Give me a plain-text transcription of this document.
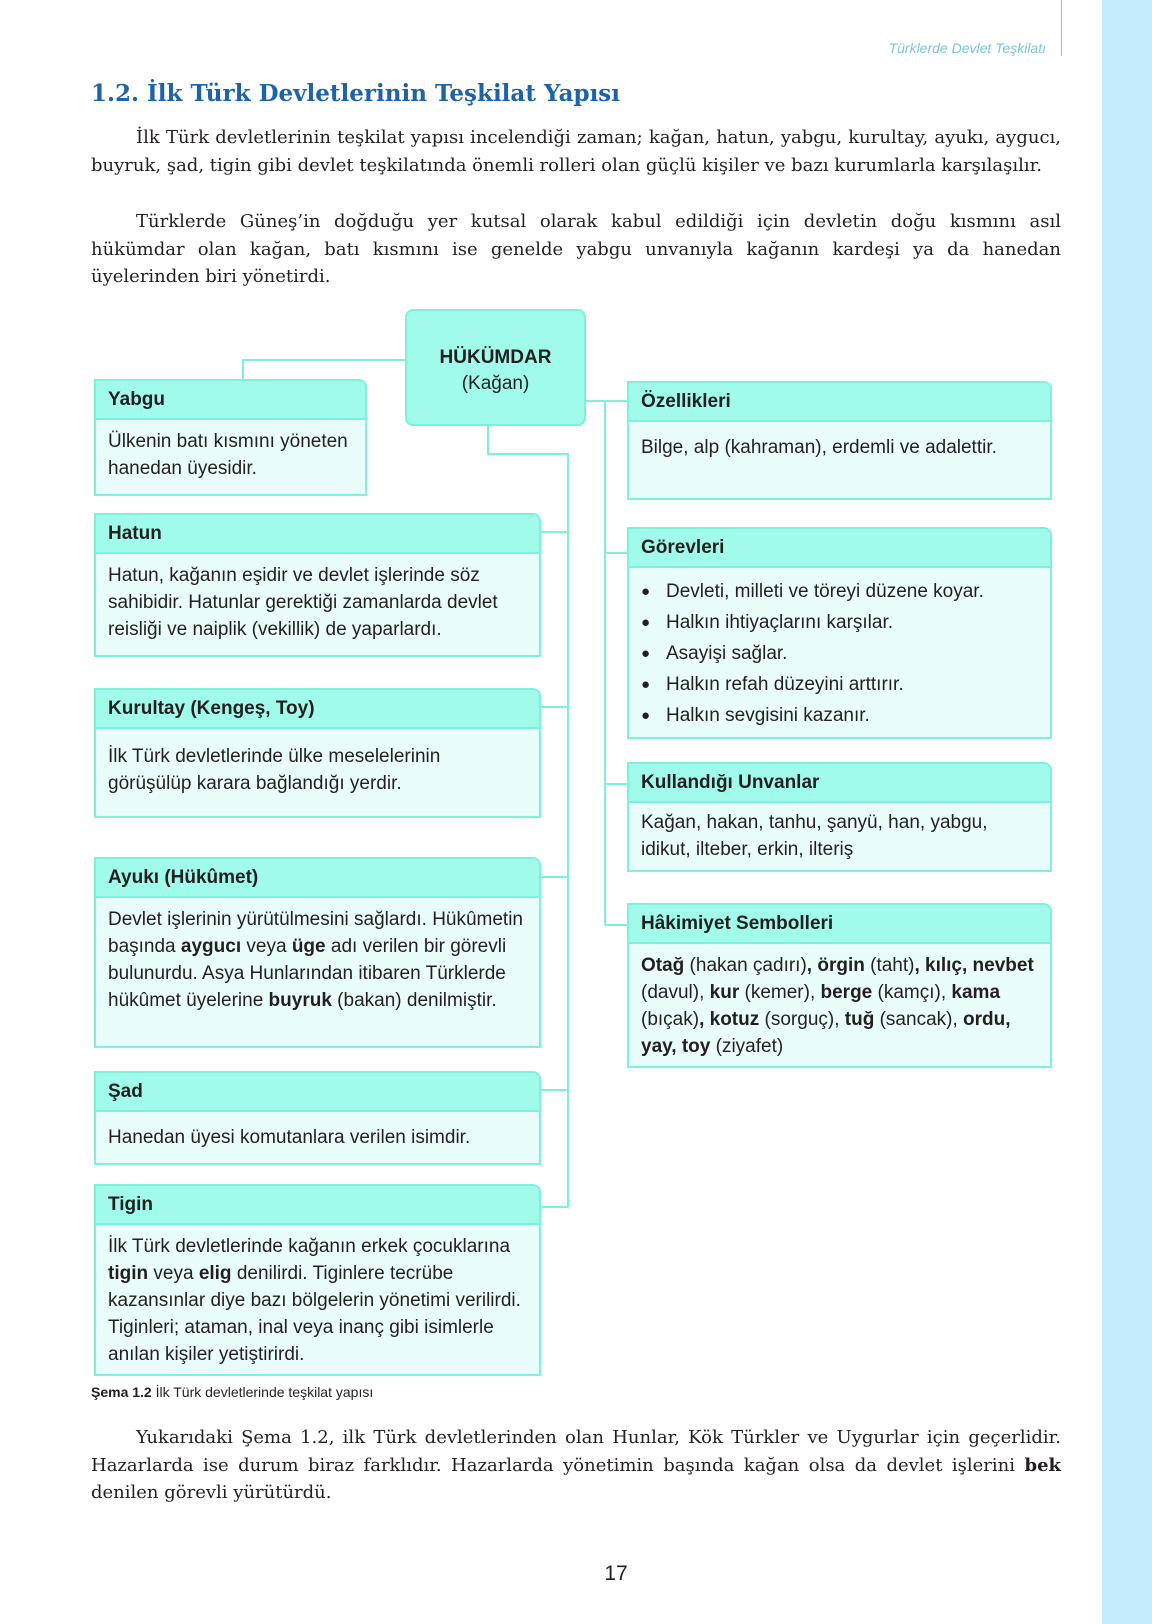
Türklerde Devlet Teşkilatı
1.2. İlk Türk Devletlerinin Teşkilat Yapısı

İlk Türk devletlerinin teşkilat yapısı incelendiği zaman; kağan, hatun, yabgu, kurultay, ayukı, aygucı, buyruk, şad, tigin gibi devlet teşkilatında önemli rolleri olan güçlü kişiler ve bazı kurumlarla karşılaşılır.

Türklerde Güneş’in doğduğu yer kutsal olarak kabul edildiği için devletin doğu kısmını asıl hükümdar olan kağan, batı kısmını ise genelde yabgu unvanıyla kağanın kardeşi ya da hanedan üyelerinden biri yönetirdi.

HÜKÜMDAR
(Kağan)
Yabgu
Ülkenin batı kısmını yöneten hanedan üyesidir.
Hatun
Hatun, kağanın eşidir ve devlet işlerinde söz sahibidir. Hatunlar gerektiği zamanlarda devlet reisliği ve naiplik (vekillik) de yaparlardı.
Kurultay (Kengeş, Toy)
İlk Türk devletlerinde ülke meselelerinin görüşülüp karara bağlandığı yerdir.
Ayukı (Hükûmet)
Devlet işlerinin yürütülmesini sağlardı. Hükûmetin başında aygucı veya üge adı verilen bir görevli bulunurdu. Asya Hunlarından itibaren Türklerde hükûmet üyelerine buyruk (bakan) denilmiştir.
Şad
Hanedan üyesi komutanlara verilen isimdir.
Tigin
İlk Türk devletlerinde kağanın erkek çocuklarına tigin veya elig denilirdi. Tiginlere tecrübe kazansınlar diye bazı bölgelerin yönetimi verilirdi. Tiginleri; ataman, inal veya inanç gibi isimlerle anılan kişiler yetiştirirdi.
Özellikleri
Bilge, alp (kahraman), erdemli ve adalettir.
Görevleri
● Devleti, milleti ve töreyi düzene koyar.
● Halkın ihtiyaçlarını karşılar.
● Asayişi sağlar.
● Halkın refah düzeyini arttırır.
● Halkın sevgisini kazanır.
Kullandığı Unvanlar
Kağan, hakan, tanhu, şanyü, han, yabgu, idikut, ilteber, erkin, ilteriş
Hâkimiyet Sembolleri
Otağ (hakan çadırı), örgin (taht), kılıç, nevbet (davul), kur (kemer), berge (kamçı), kama (bıçak), kotuz (sorguç), tuğ (sancak), ordu, yay, toy (ziyafet)
Şema 1.2 İlk Türk devletlerinde teşkilat yapısı

Yukarıdaki Şema 1.2, ilk Türk devletlerinden olan Hunlar, Kök Türkler ve Uygurlar için geçerlidir. Hazarlarda ise durum biraz farklıdır. Hazarlarda yönetimin başında kağan olsa da devlet işlerini bek denilen görevli yürütürdü.

17
